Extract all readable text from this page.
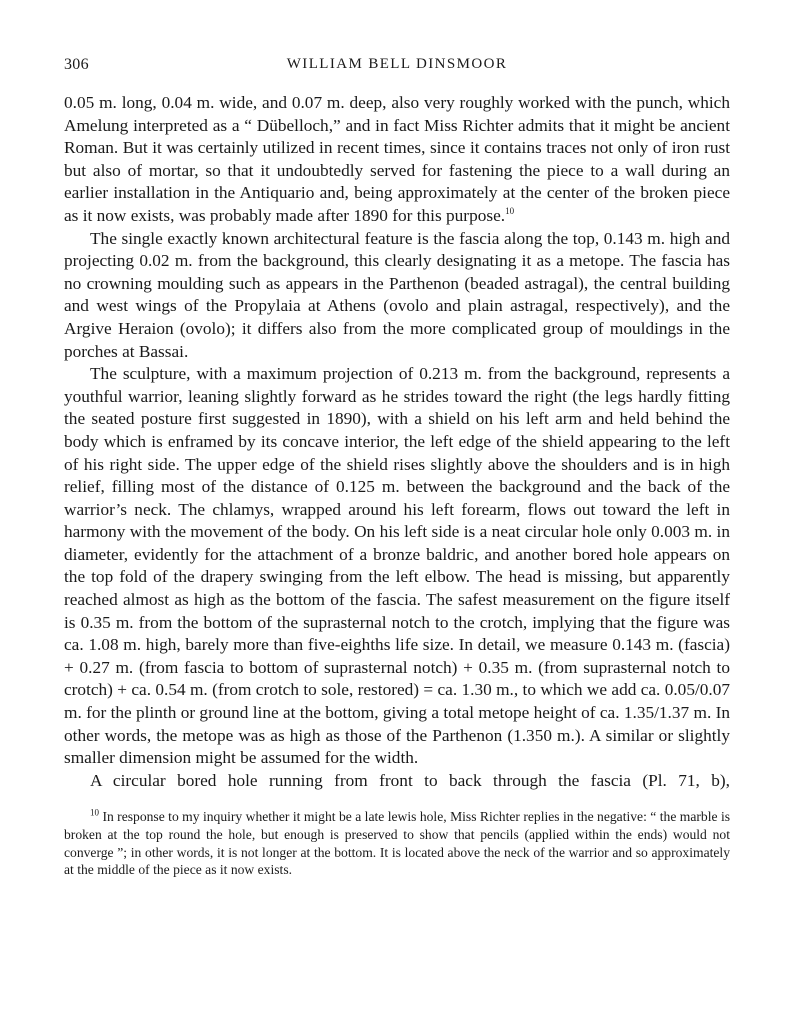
306	WILLIAM BELL DINSMOOR

0.05 m. long, 0.04 m. wide, and 0.07 m. deep, also very roughly worked with the punch, which Amelung interpreted as a “ Dübelloch,” and in fact Miss Richter admits that it might be ancient Roman. But it was certainly utilized in recent times, since it contains traces not only of iron rust but also of mortar, so that it undoubtedly served for fastening the piece to a wall during an earlier installation in the Antiquario and, being approximately at the center of the broken piece as it now exists, was probably made after 1890 for this purpose.$^{10}$

The single exactly known architectural feature is the fascia along the top, 0.143 m. high and projecting 0.02 m. from the background, this clearly designating it as a metope. The fascia has no crowning moulding such as appears in the Parthenon (beaded astragal), the central building and west wings of the Propylaia at Athens (ovolo and plain astragal, respectively), and the Argive Heraion (ovolo); it differs also from the more complicated group of mouldings in the porches at Bassai.

The sculpture, with a maximum projection of 0.213 m. from the background, represents a youthful warrior, leaning slightly forward as he strides toward the right (the legs hardly fitting the seated posture first suggested in 1890), with a shield on his left arm and held behind the body which is enframed by its concave interior, the left edge of the shield appearing to the left of his right side. The upper edge of the shield rises slightly above the shoulders and is in high relief, filling most of the distance of 0.125 m. between the background and the back of the warrior’s neck. The chlamys, wrapped around his left forearm, flows out toward the left in harmony with the movement of the body. On his left side is a neat circular hole only 0.003 m. in diameter, evidently for the attachment of a bronze baldric, and another bored hole appears on the top fold of the drapery swinging from the left elbow. The head is missing, but apparently reached almost as high as the bottom of the fascia. The safest measurement on the figure itself is 0.35 m. from the bottom of the suprasternal notch to the crotch, implying that the figure was ca. 1.08 m. high, barely more than five-eighths life size. In detail, we measure 0.143 m. (fascia) + 0.27 m. (from fascia to bottom of suprasternal notch) + 0.35 m. (from suprasternal notch to crotch) + ca. 0.54 m. (from crotch to sole, restored) = ca. 1.30 m., to which we add ca. 0.05/0.07 m. for the plinth or ground line at the bottom, giving a total metope height of ca. 1.35/1.37 m. In other words, the metope was as high as those of the Parthenon (1.350 m.). A similar or slightly smaller dimension might be assumed for the width.

A circular bored hole running from front to back through the fascia (Pl. 71, b),

$^{10}$ In response to my inquiry whether it might be a late lewis hole, Miss Richter replies in the negative: “ the marble is broken at the top round the hole, but enough is preserved to show that pencils (applied within the ends) would not converge ”; in other words, it is not longer at the bottom. It is located above the neck of the warrior and so approximately at the middle of the piece as it now exists.
